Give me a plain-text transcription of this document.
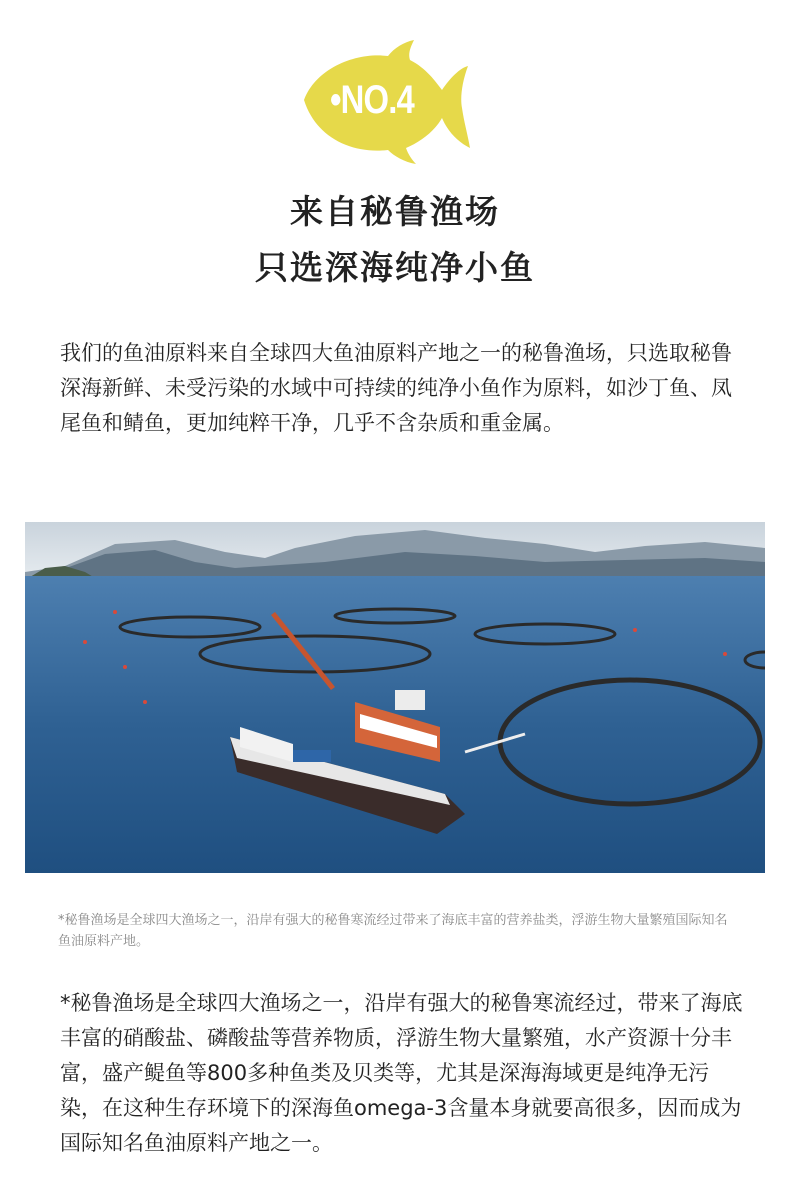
•NO.4
来自秘鲁渔场
只选深海纯净小鱼
我们的鱼油原料来自全球四大鱼油原料产地之一的秘鲁渔场，只选取秘鲁深海新鲜、未受污染的水域中可持续的纯净小鱼作为原料，如沙丁鱼、凤尾鱼和鲭鱼，更加纯粹干净，几乎不含杂质和重金属。
*秘鲁渔场是全球四大渔场之一，沿岸有强大的秘鲁寒流经过带来了海底丰富的营养盐类，浮游生物大量繁殖国际知名鱼油原料产地。
*秘鲁渔场是全球四大渔场之一，沿岸有强大的秘鲁寒流经过，带来了海底丰富的硝酸盐、磷酸盐等营养物质，浮游生物大量繁殖，水产资源十分丰富，盛产鳀鱼等800多种鱼类及贝类等，尤其是深海海域更是纯净无污染，在这种生存环境下的深海鱼omega-3含量本身就要高很多，因而成为国际知名鱼油原料产地之一。
